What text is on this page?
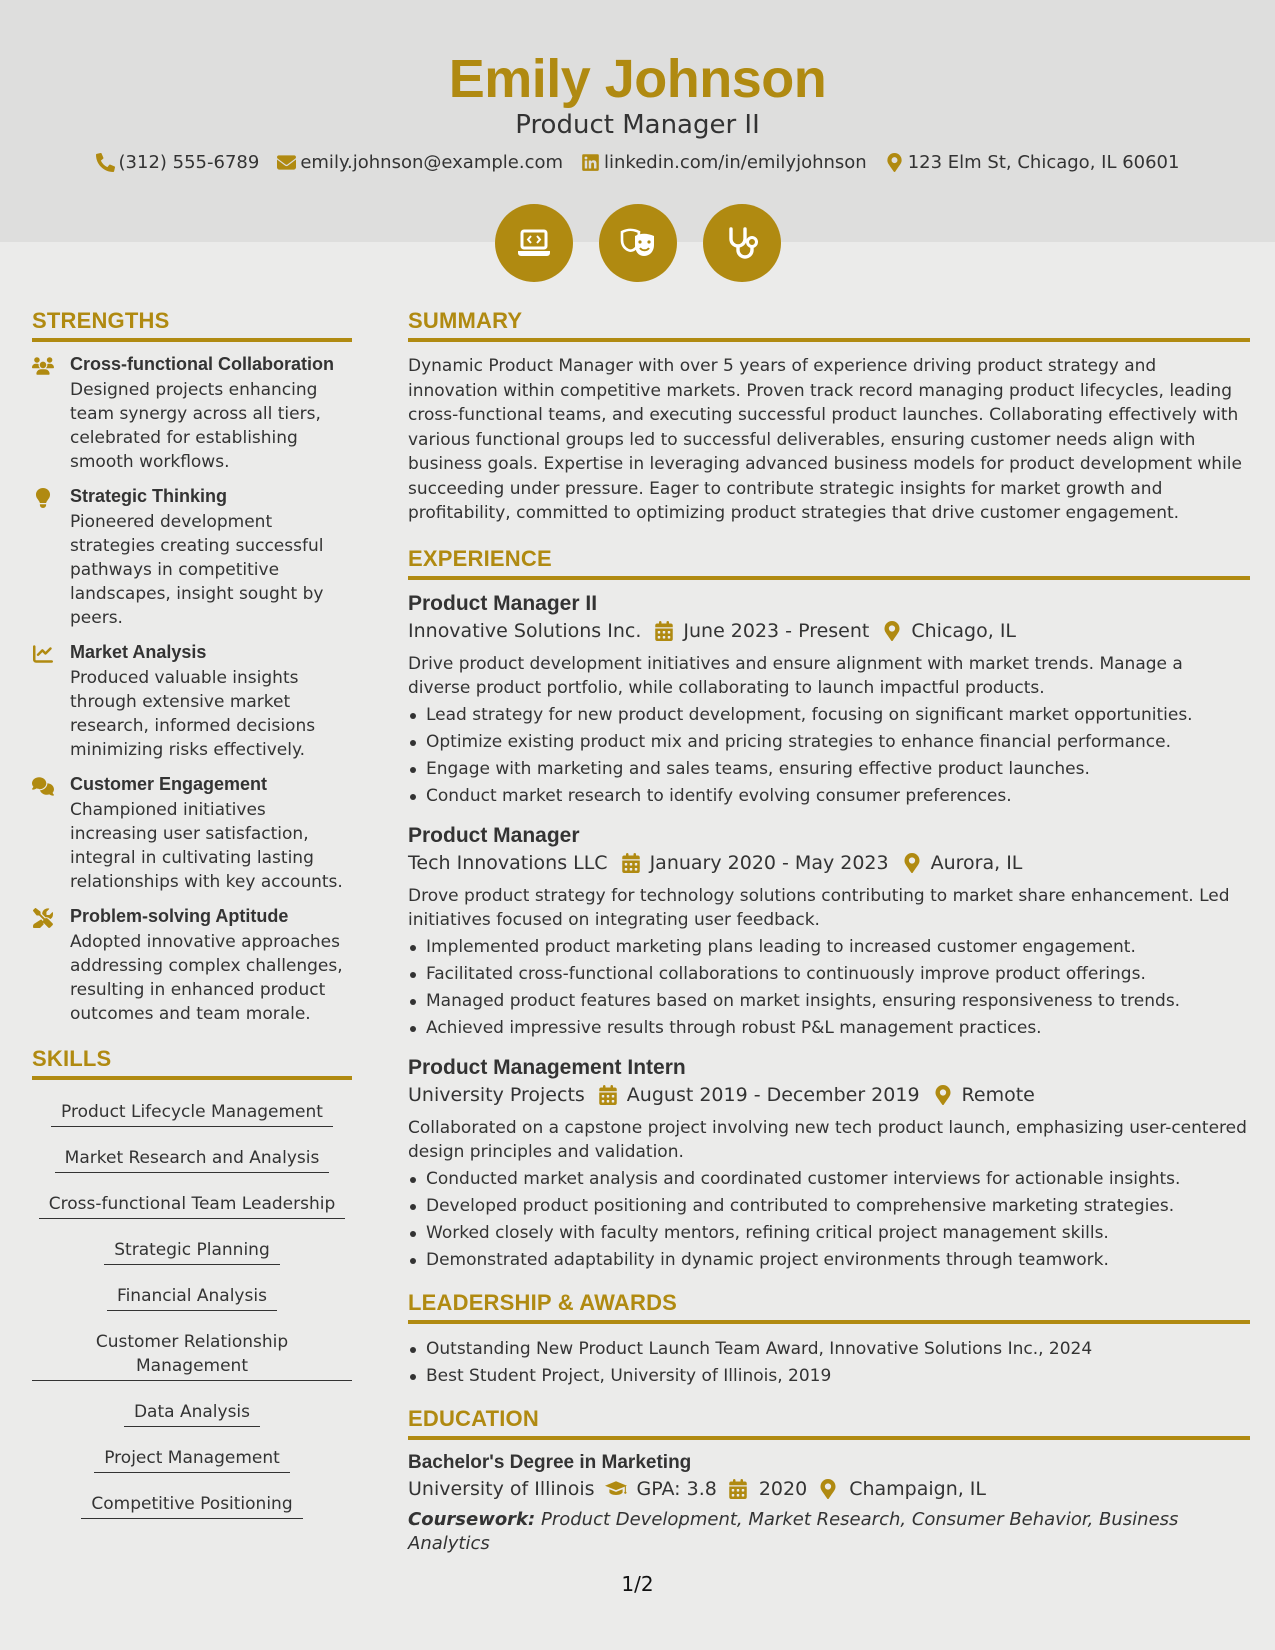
Emily Johnson
Product Manager II
(312) 555-6789 emily.johnson@example.com linkedin.com/in/emilyjohnson 123 Elm St, Chicago, IL 60601
STRENGTHS
Cross-functional Collaboration
Designed projects enhancing team synergy across all tiers, celebrated for establishing smooth workflows.
Strategic Thinking
Pioneered development strategies creating successful pathways in competitive landscapes, insight sought by peers.
Market Analysis
Produced valuable insights through extensive market research, informed decisions minimizing risks effectively.
Customer Engagement
Championed initiatives increasing user satisfaction, integral in cultivating lasting relationships with key accounts.
Problem-solving Aptitude
Adopted innovative approaches addressing complex challenges, resulting in enhanced product outcomes and team morale.
SKILLS
Product Lifecycle Management
Market Research and Analysis
Cross-functional Team Leadership
Strategic Planning
Financial Analysis
Customer Relationship Management
Data Analysis
Project Management
Competitive Positioning
SUMMARY
Dynamic Product Manager with over 5 years of experience driving product strategy and innovation within competitive markets. Proven track record managing product lifecycles, leading cross-functional teams, and executing successful product launches. Collaborating effectively with various functional groups led to successful deliverables, ensuring customer needs align with business goals. Expertise in leveraging advanced business models for product development while succeeding under pressure. Eager to contribute strategic insights for market growth and profitability, committed to optimizing product strategies that drive customer engagement.
EXPERIENCE
Product Manager II
Innovative Solutions Inc. June 2023 - Present Chicago, IL
Drive product development initiatives and ensure alignment with market trends. Manage a diverse product portfolio, while collaborating to launch impactful products.
Lead strategy for new product development, focusing on significant market opportunities.
Optimize existing product mix and pricing strategies to enhance financial performance.
Engage with marketing and sales teams, ensuring effective product launches.
Conduct market research to identify evolving consumer preferences.
Product Manager
Tech Innovations LLC January 2020 - May 2023 Aurora, IL
Drove product strategy for technology solutions contributing to market share enhancement. Led initiatives focused on integrating user feedback.
Implemented product marketing plans leading to increased customer engagement.
Facilitated cross-functional collaborations to continuously improve product offerings.
Managed product features based on market insights, ensuring responsiveness to trends.
Achieved impressive results through robust P&L management practices.
Product Management Intern
University Projects August 2019 - December 2019 Remote
Collaborated on a capstone project involving new tech product launch, emphasizing user-centered design principles and validation.
Conducted market analysis and coordinated customer interviews for actionable insights.
Developed product positioning and contributed to comprehensive marketing strategies.
Worked closely with faculty mentors, refining critical project management skills.
Demonstrated adaptability in dynamic project environments through teamwork.
LEADERSHIP & AWARDS
Outstanding New Product Launch Team Award, Innovative Solutions Inc., 2024
Best Student Project, University of Illinois, 2019
EDUCATION
Bachelor's Degree in Marketing
University of Illinois GPA: 3.8 2020 Champaign, IL
Coursework: Product Development, Market Research, Consumer Behavior, Business Analytics
1/2
